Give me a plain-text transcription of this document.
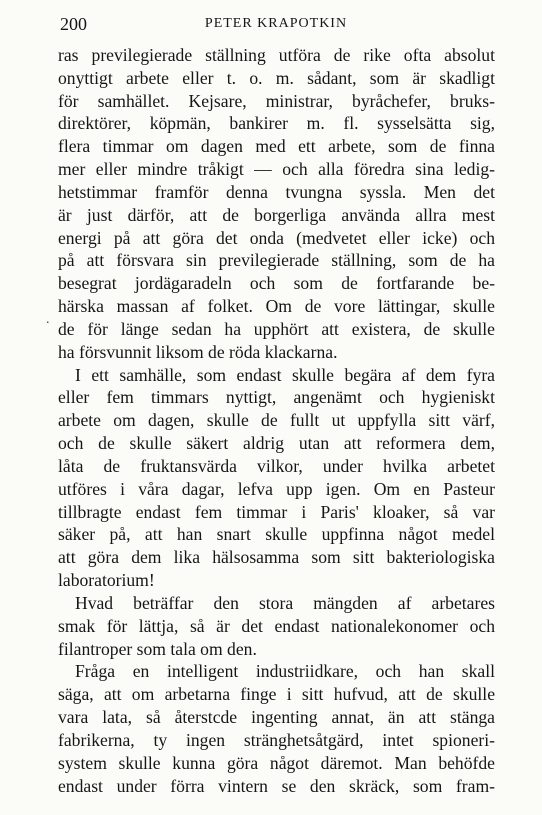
200	PETER KRAPOTKIN
.
ras previlegierade ställning utföra de rike ofta absolut
onyttigt arbete eller t. o. m. sådant, som är skadligt
för samhället. Kejsare, ministrar, byråchefer, bruks-
direktörer, köpmän, bankirer m. fl. sysselsätta sig,
flera timmar om dagen med ett arbete, som de finna
mer eller mindre tråkigt — och alla föredra sina ledig-
hetstimmar framför denna tvungna syssla. Men det
är just därför, att de borgerliga använda allra mest
energi på att göra det onda (medvetet eller icke) och
på att försvara sin previlegierade ställning, som de ha
besegrat jordägaradeln och som de fortfarande be-
härska massan af folket. Om de vore lättingar, skulle
de för länge sedan ha upphört att existera, de skulle
ha försvunnit liksom de röda klackarna.
I ett samhälle, som endast skulle begära af dem fyra
eller fem timmars nyttigt, angenämt och hygieniskt
arbete om dagen, skulle de fullt ut uppfylla sitt värf,
och de skulle säkert aldrig utan att reformera dem,
låta de fruktansvärda vilkor, under hvilka arbetet
utföres i våra dagar, lefva upp igen. Om en Pasteur
tillbragte endast fem timmar i Paris' kloaker, så var
säker på, att han snart skulle uppfinna något medel
att göra dem lika hälsosamma som sitt bakteriologiska
laboratorium!
Hvad beträffar den stora mängden af arbetares
smak för lättja, så är det endast nationalekonomer och
filantroper som tala om den.
Fråga en intelligent industriidkare, och han skall
säga, att om arbetarna finge i sitt hufvud, att de skulle
vara lata, så återstcde ingenting annat, än att stänga
fabrikerna, ty ingen stränghetsåtgärd, intet spioneri-
system skulle kunna göra något däremot. Man behöfde
endast under förra vintern se den skräck, som fram-
